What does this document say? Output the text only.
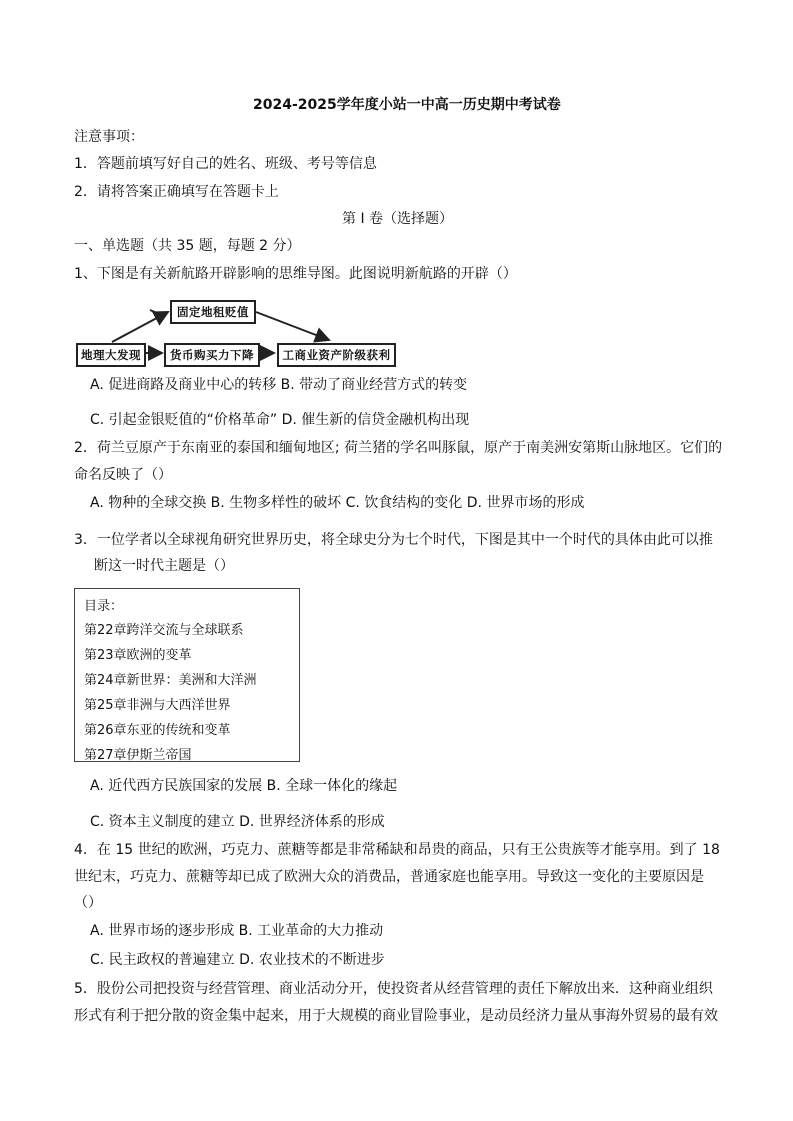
2024-2025学年度小站一中高一历史期中考试卷
注意事项：
1．答题前填写好自己的姓名、班级、考号等信息
2．请将答案正确填写在答题卡上
第 I 卷（选择题）
一、单选题（共 35 题，每题 2 分）
1、下图是有关新航路开辟影响的思维导图。此图说明新航路的开辟（）
固定地租贬值
地理大发现	货币购买力下降	工商业资产阶级获利
A. 促进商路及商业中心的转移 B. 带动了商业经营方式的转变
C. 引起金银贬值的“价格革命” D. 催生新的信贷金融机构出现
2．荷兰豆原产于东南亚的泰国和缅甸地区; 荷兰猪的学名叫豚鼠，原产于南美洲安第斯山脉地区。它们的
命名反映了（）
A. 物种的全球交换 B. 生物多样性的破坏 C. 饮食结构的变化 D. 世界市场的形成
3．一位学者以全球视角研究世界历史，将全球史分为七个时代，下图是其中一个时代的具体由此可以推
断这一时代主题是（）
目录：
第22章跨洋交流与全球联系
第23章欧洲的变革
第24章新世界：美洲和大洋洲
第25章非洲与大西洋世界
第26章东亚的传统和变革
第27章伊斯兰帝国
A. 近代西方民族国家的发展 B. 全球一体化的缘起
C. 资本主义制度的建立 D. 世界经济体系的形成
4．在 15 世纪的欧洲，巧克力、蔗糖等都是非常稀缺和昂贵的商品，只有王公贵族等才能享用。到了 18
世纪末，巧克力、蔗糖等却已成了欧洲大众的消费品，普通家庭也能享用。导致这一变化的主要原因是
（）
A. 世界市场的逐步形成 B. 工业革命的大力推动
C. 民主政权的普遍建立 D. 农业技术的不断进步
5．股份公司把投资与经营管理、商业活动分开，使投资者从经营管理的责任下解放出来．这种商业组织
形式有利于把分散的资金集中起来，用于大规模的商业冒险事业，是动员经济力量从事海外贸易的最有效
